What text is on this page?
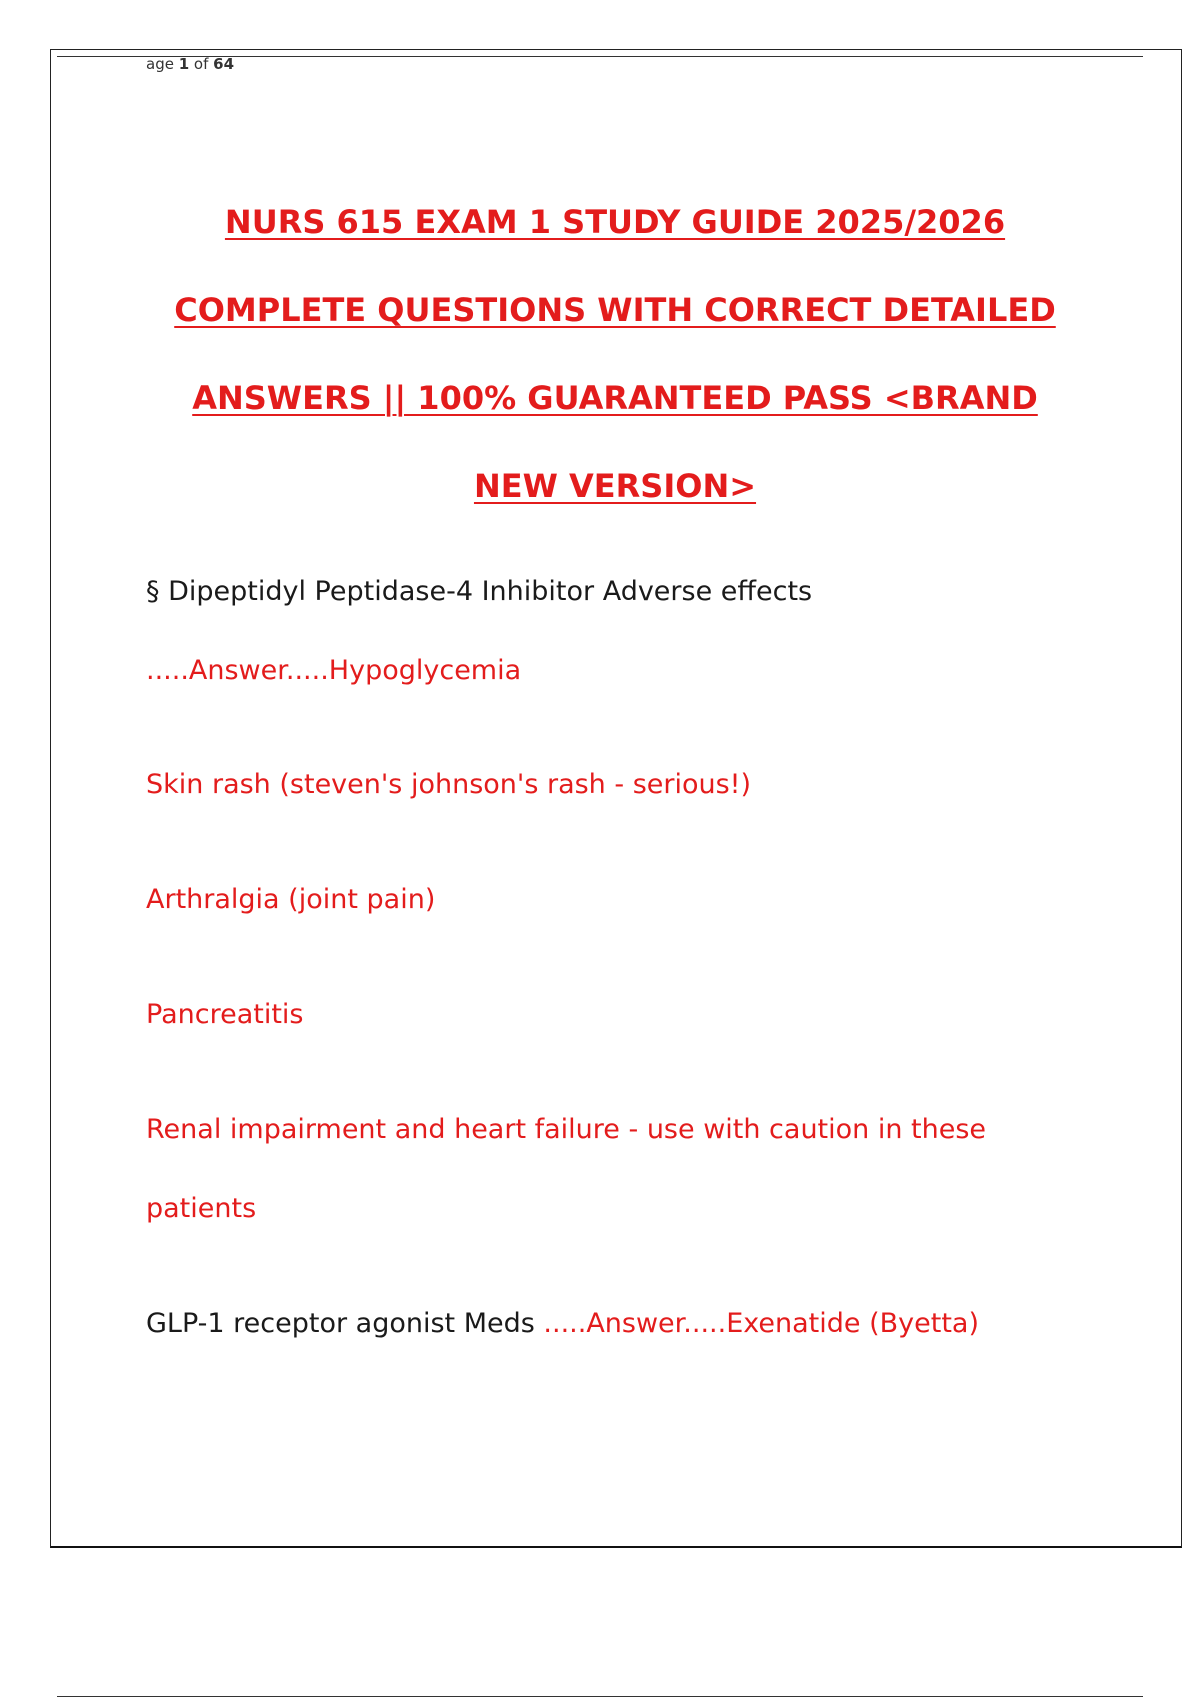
age 1 of 64
NURS 615 EXAM 1 STUDY GUIDE 2025/2026
COMPLETE QUESTIONS WITH CORRECT DETAILED
ANSWERS || 100% GUARANTEED PASS <BRAND
NEW VERSION>
§ Dipeptidyl Peptidase-4 Inhibitor Adverse effects
.....Answer.....Hypoglycemia
Skin rash (steven's johnson's rash - serious!)
Arthralgia (joint pain)
Pancreatitis
Renal impairment and heart failure - use with caution in these
patients
GLP-1 receptor agonist Meds .....Answer.....Exenatide (Byetta)
